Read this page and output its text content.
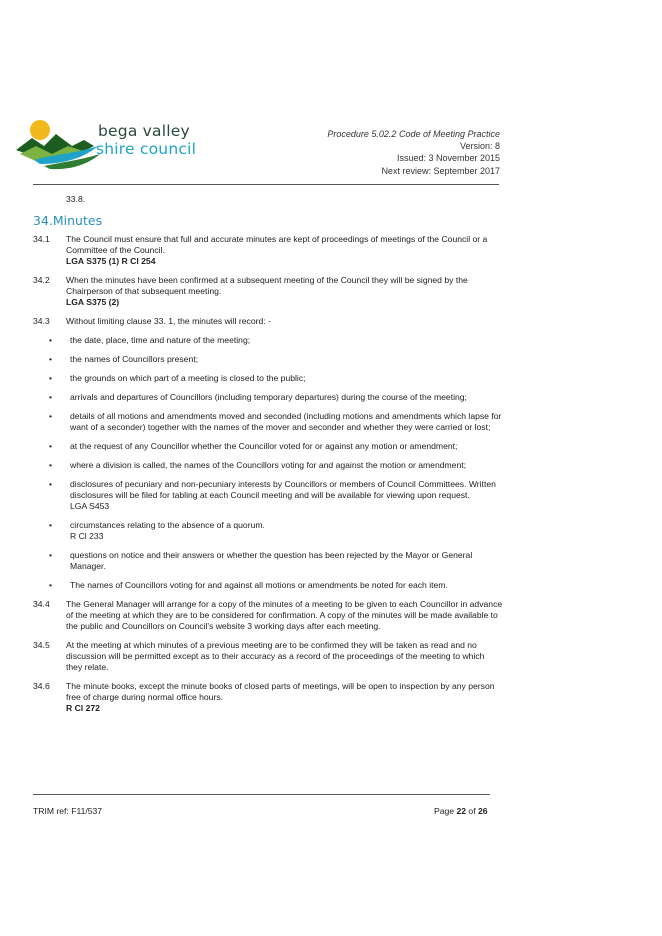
bega valley
shire council
Procedure 5.02.2 Code of Meeting Practice
Version: 8
Issued: 3 November 2015
Next review: September 2017
33.8.
34.Minutes
34.1	The Council must ensure that full and accurate minutes are kept of proceedings of meetings of the Council or a Committee of the Council.
LGA S375 (1) R Cl 254
34.2	When the minutes have been confirmed at a subsequent meeting of the Council they will be signed by the Chairperson of that subsequent meeting.
LGA S375 (2)
34.3	Without limiting clause 33. 1, the minutes will record: -
• the date, place, time and nature of the meeting;
• the names of Councillors present;
• the grounds on which part of a meeting is closed to the public;
• arrivals and departures of Councillors (including temporary departures) during the course of the meeting;
• details of all motions and amendments moved and seconded (including motions and amendments which lapse for want of a seconder) together with the names of the mover and seconder and whether they were carried or lost;
• at the request of any Councillor whether the Councillor voted for or against any motion or amendment;
• where a division is called, the names of the Councillors voting for and against the motion or amendment;
• disclosures of pecuniary and non-pecuniary interests by Councillors or members of Council Committees. Written disclosures will be filed for tabling at each Council meeting and will be available for viewing upon request.
LGA S453
• circumstances relating to the absence of a quorum.
R Cl 233
• questions on notice and their answers or whether the question has been rejected by the Mayor or General Manager.
• The names of Councillors voting for and against all motions or amendments be noted for each item.
34.4	The General Manager will arrange for a copy of the minutes of a meeting to be given to each Councillor in advance of the meeting at which they are to be considered for confirmation. A copy of the minutes will be made available to the public and Councillors on Council's website 3 working days after each meeting.
34.5	At the meeting at which minutes of a previous meeting are to be confirmed they will be taken as read and no discussion will be permitted except as to their accuracy as a record of the proceedings of the meeting to which they relate.
34.6	The minute books, except the minute books of closed parts of meetings, will be open to inspection by any person free of charge during normal office hours.
R Cl 272
TRIM ref: F11/537	Page 22 of 26
